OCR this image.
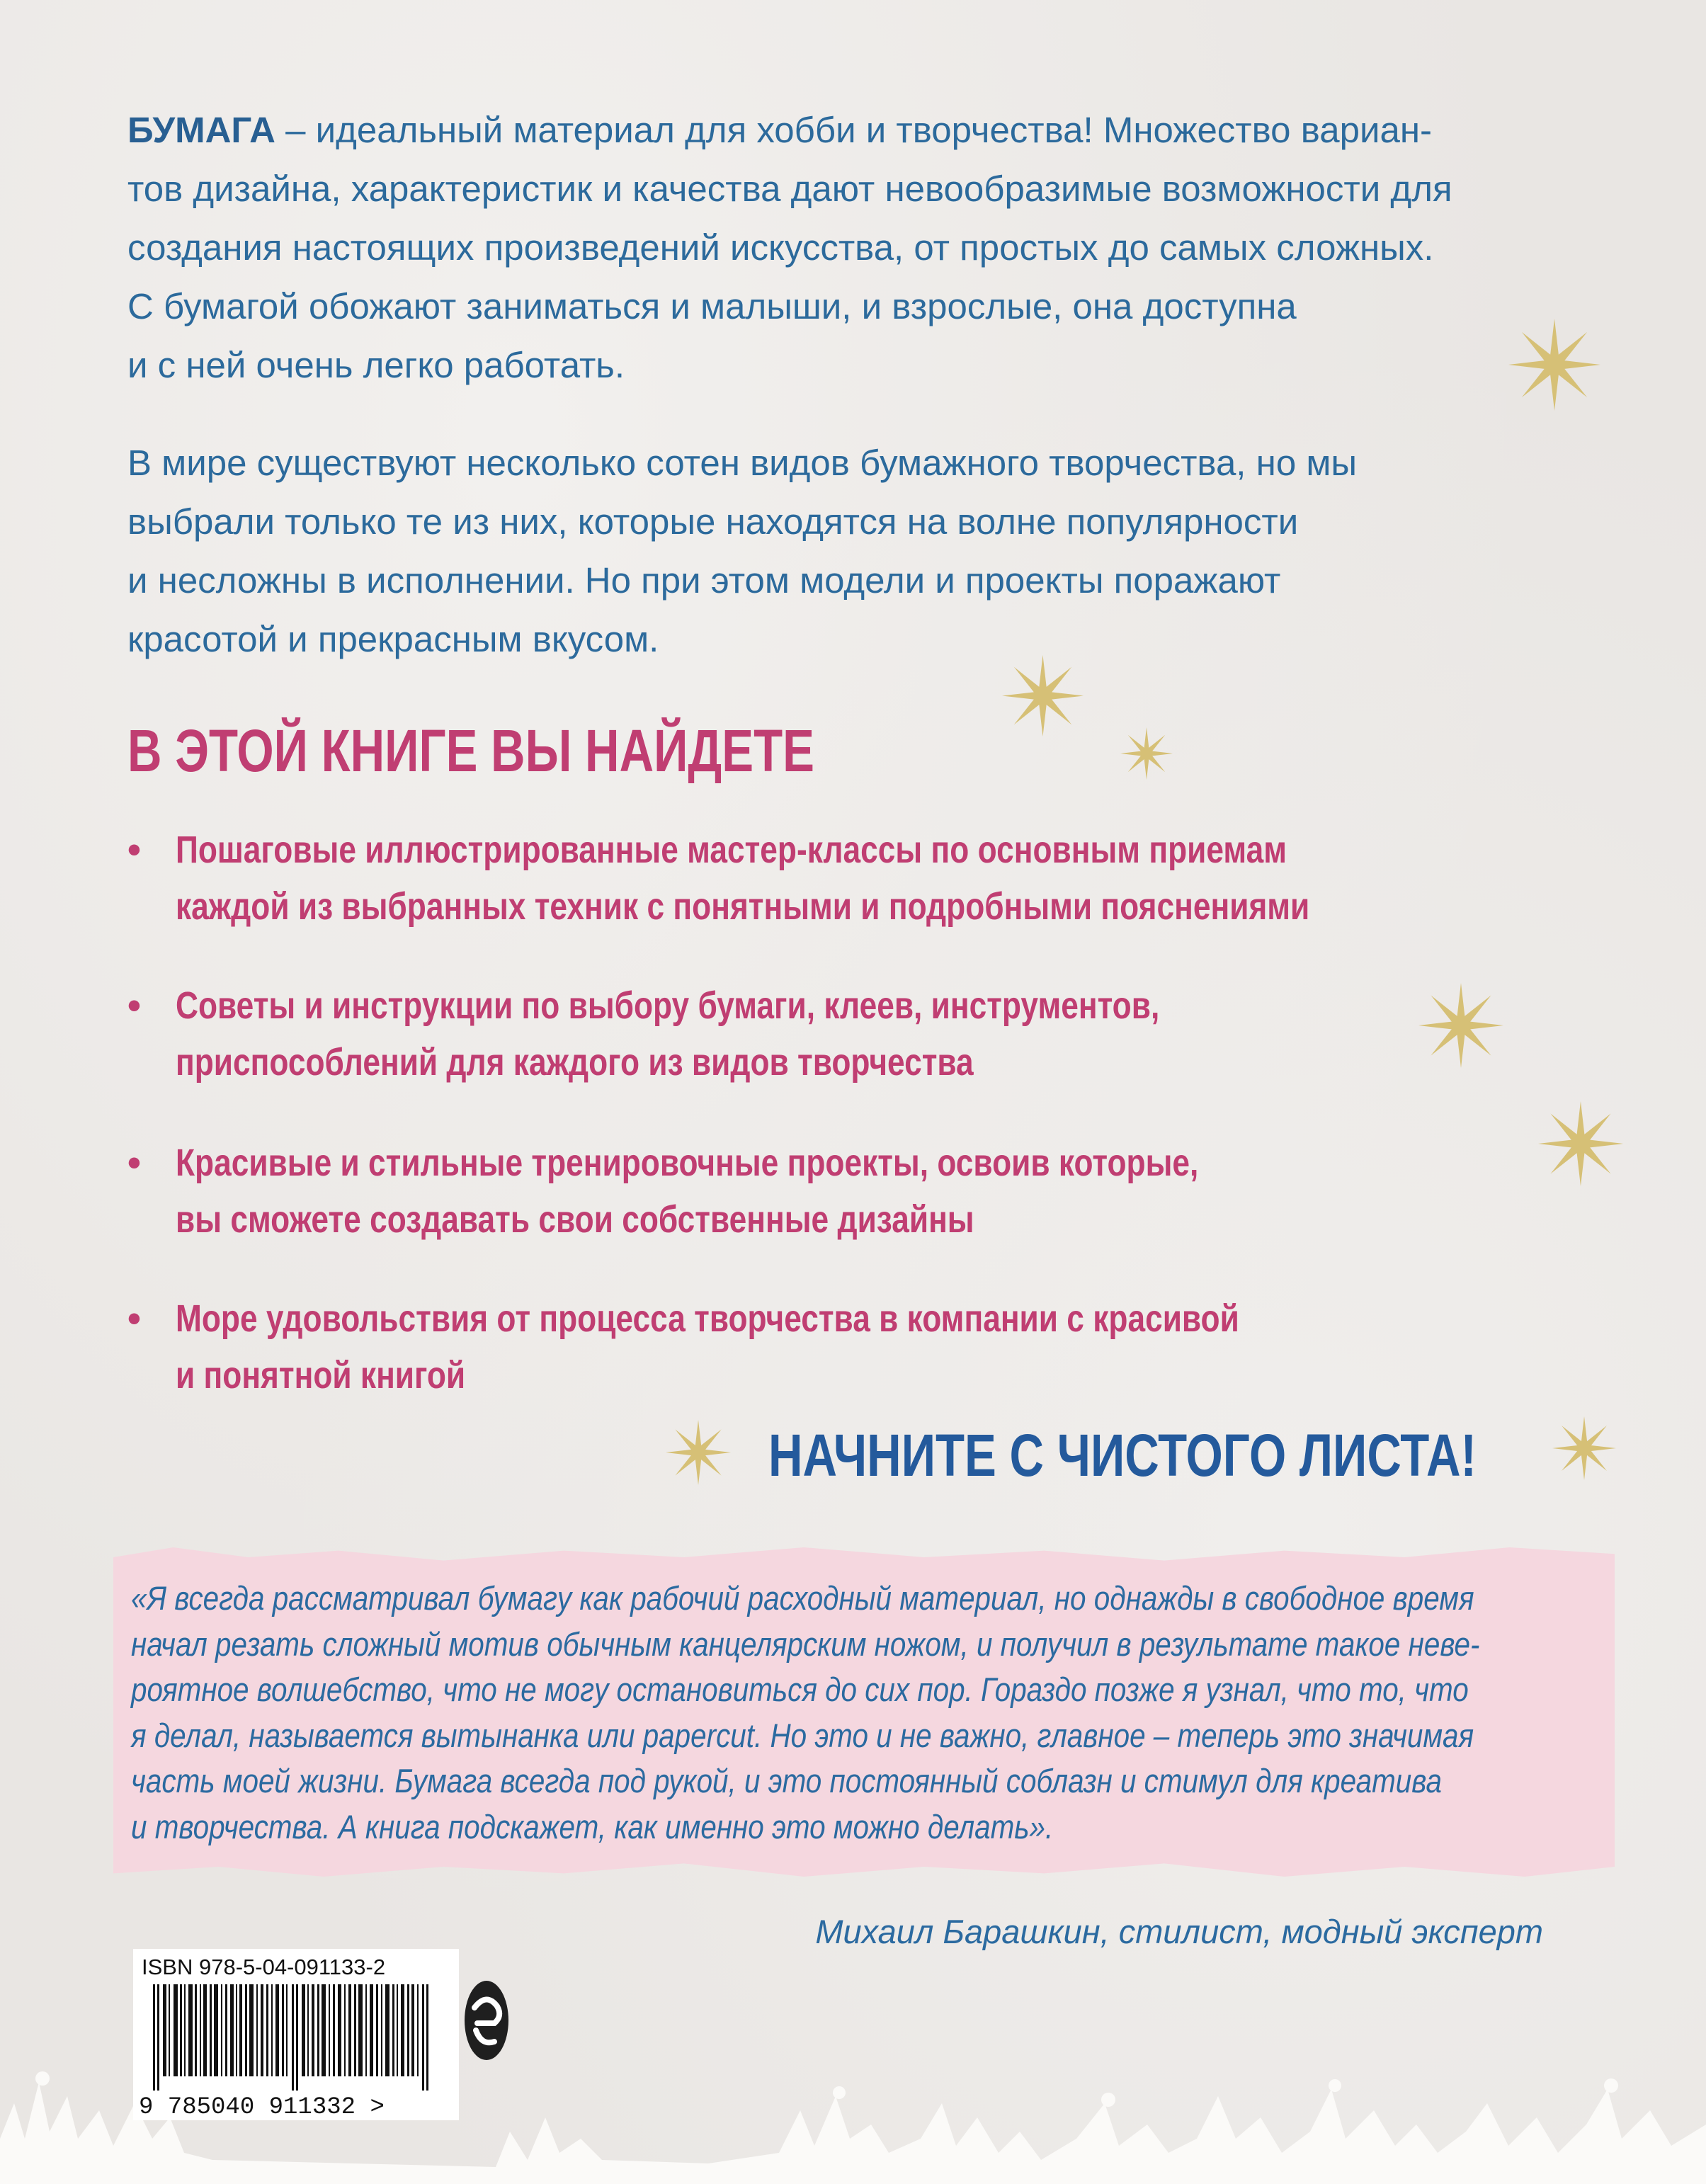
БУМАГА – идеальный материал для хобби и творчества! Множество вариан-
тов дизайна, характеристик и качества дают невообразимые возможности для
создания настоящих произведений искусства, от простых до самых сложных.
С бумагой обожают заниматься и малыши, и взрослые, она доступна
и с ней очень легко работать.

В мире существуют несколько сотен видов бумажного творчества, но мы
выбрали только те из них, которые находятся на волне популярности
и несложны в исполнении. Но при этом модели и проекты поражают
красотой и прекрасным вкусом.

В ЭТОЙ КНИГЕ ВЫ НАЙДЕТЕ
• Пошаговые иллюстрированные мастер-классы по основным приемам
каждой из выбранных техник с понятными и подробными пояснениями
• Советы и инструкции по выбору бумаги, клеев, инструментов,
приспособлений для каждого из видов творчества
• Красивые и стильные тренировочные проекты, освоив которые,
вы сможете создавать свои собственные дизайны
• Море удовольствия от процесса творчества в компании с красивой
и понятной книгой
НАЧНИТЕ С ЧИСТОГО ЛИСТА!

«Я всегда рассматривал бумагу как рабочий расходный материал, но однажды в свободное время
начал резать сложный мотив обычным канцелярским ножом, и получил в результате такое неве-
роятное волшебство, что не могу остановиться до сих пор. Гораздо позже я узнал, что то, что
я делал, называется вытынанка или papercut. Но это и не важно, главное – теперь это значимая
часть моей жизни. Бумага всегда под рукой, и это постоянный соблазн и стимул для креатива
и творчества. А книга подскажет, как именно это можно делать».

Михаил Барашкин, стилист, модный эксперт
ISBN 978-5-04-091133-2
9 785040 911332 >
